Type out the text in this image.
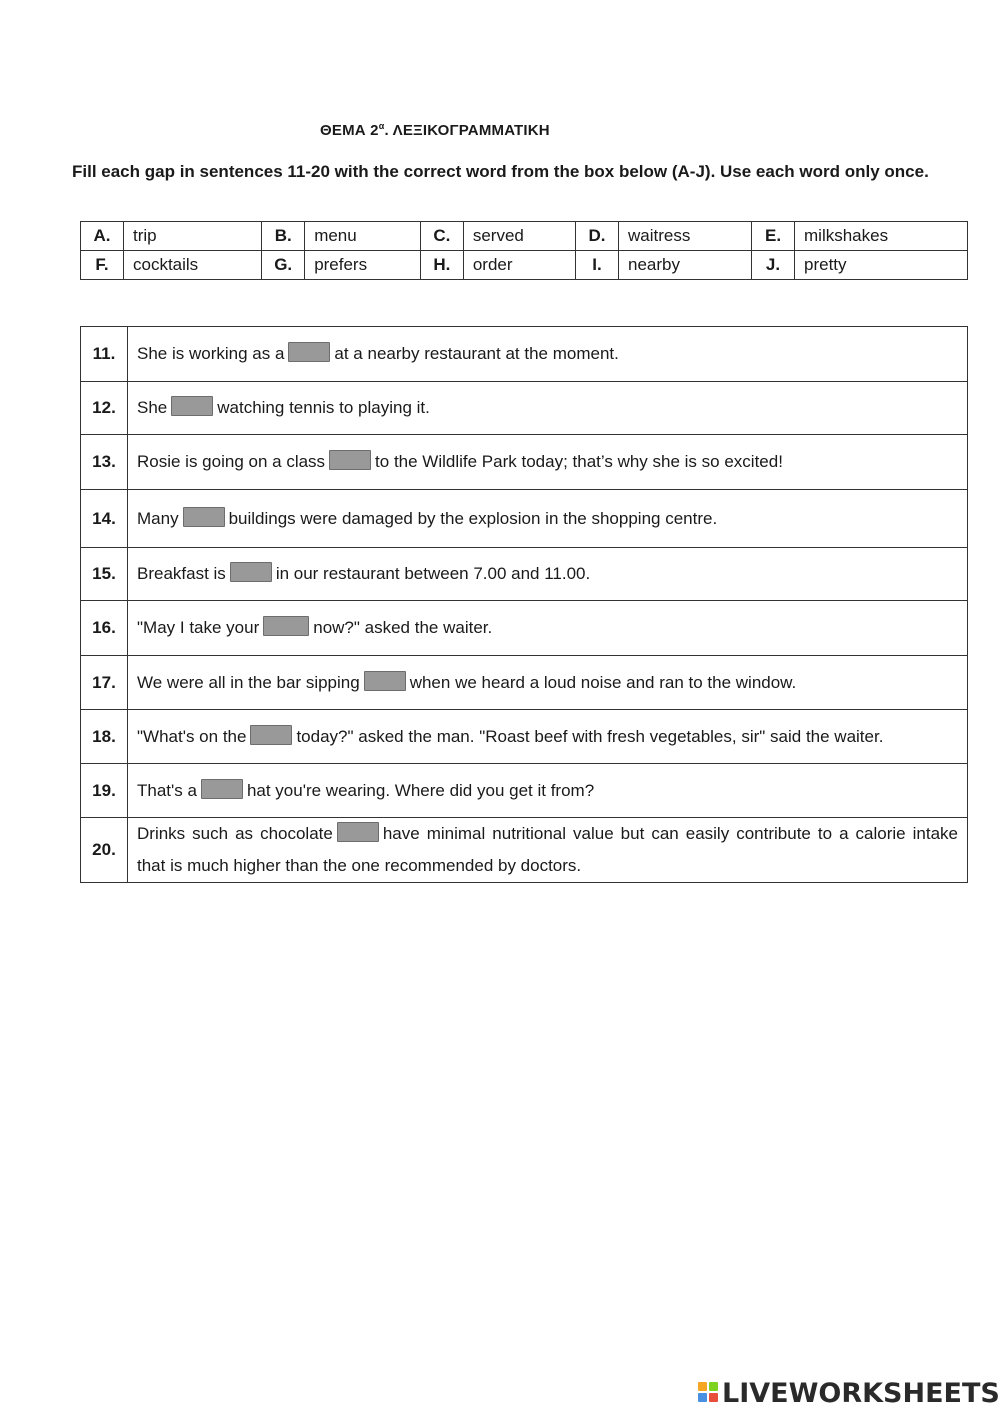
ΘΕΜΑ $2^\alpha$. ΛΕΞΙΚΟΓΡΑΜΜΑΤΙΚΗ
Fill each gap in sentences 11-20 with the correct word from the box below (A-J). Use each word only once.
A.	trip	B.	menu	C.	served	D.	waitress	E.	milkshakes
F.	cocktails	G.	prefers	H.	order	I.	nearby	J.	pretty
11.	She is working as a at a nearby restaurant at the moment.
12.	She watching tennis to playing it.
13.	Rosie is going on a class to the Wildlife Park today; that’s why she is so excited!
14.	Many buildings were damaged by the explosion in the shopping centre.
15.	Breakfast is in our restaurant between 7.00 and 11.00.
16.	"May I take your now?" asked the waiter.
17.	We were all in the bar sipping when we heard a loud noise and ran to the window.
18.	"What's on the today?" asked the man. "Roast beef with fresh vegetables, sir" said the waiter.
19.	That's a hat you're wearing. Where did you get it from?
20.	Drinks such as chocolate have minimal nutritional value but can easily contribute to a calorie intake that is much higher than the one recommended by doctors.
LIVEWORKSHEETS
